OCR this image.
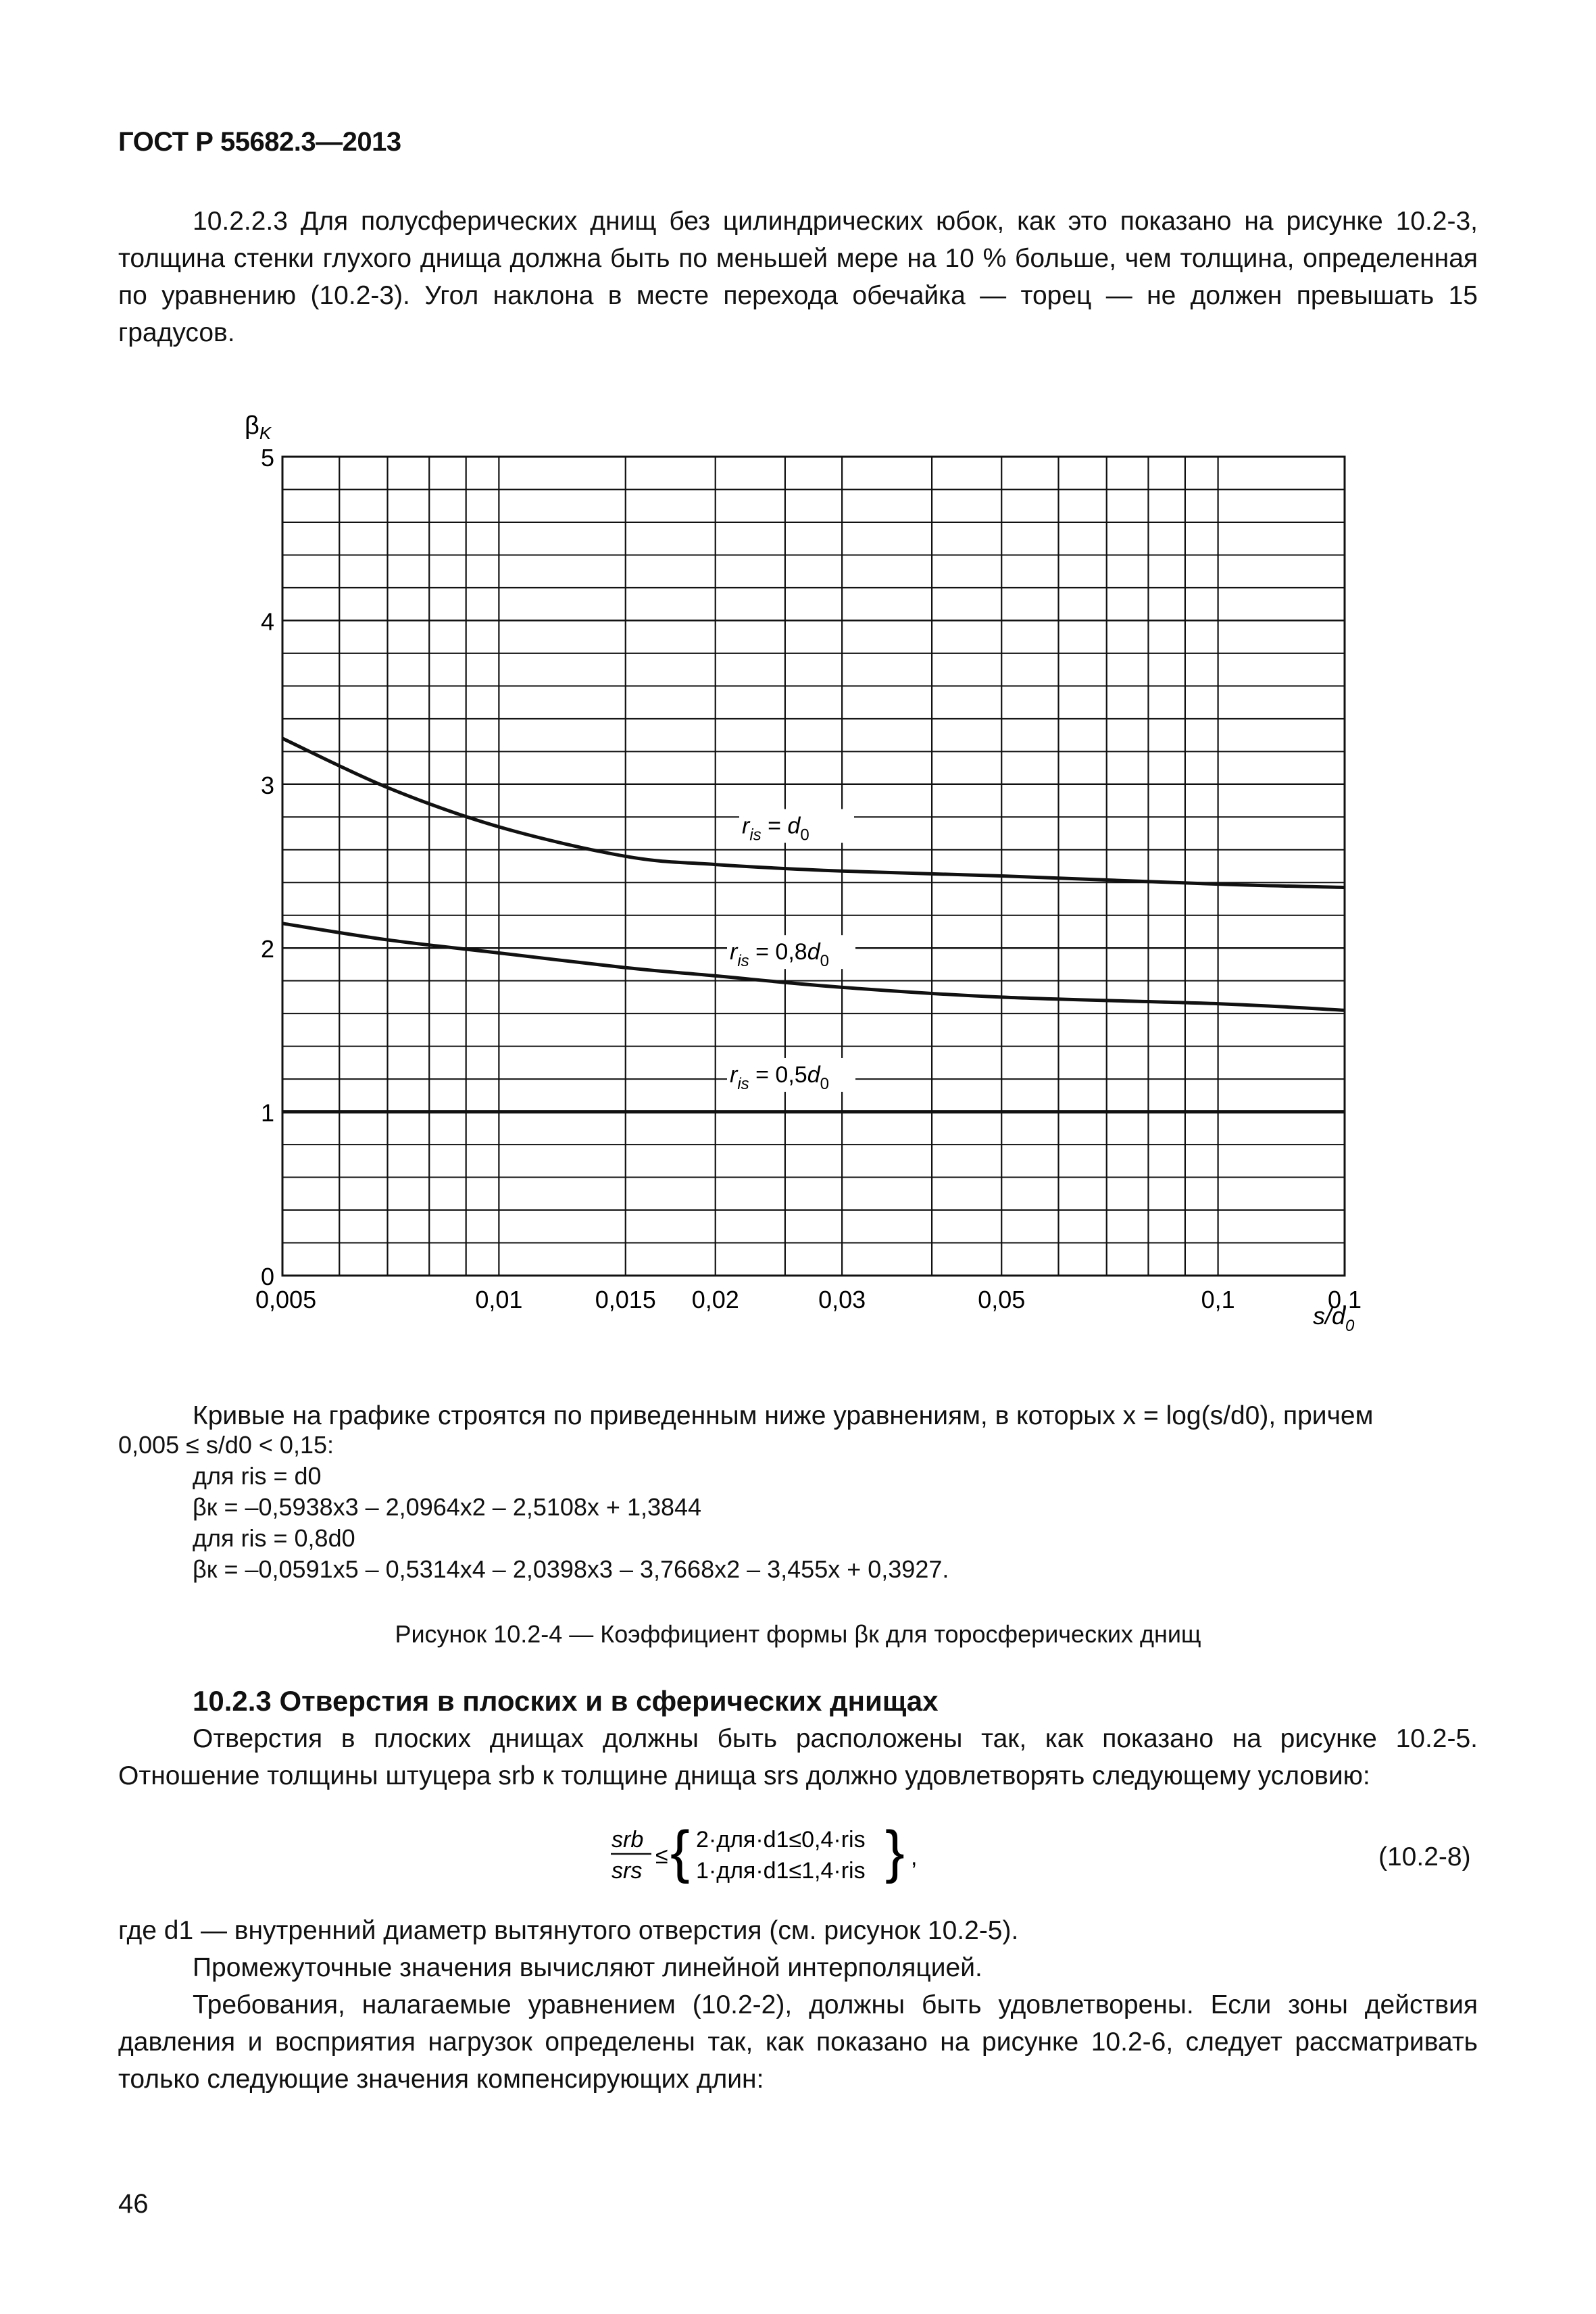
ГОСТ Р 55682.3—2013
10.2.2.3 Для полусферических днищ без цилиндрических юбок, как это показано на рисунке 10.2-3, толщина стенки глухого днища должна быть по меньшей мере на 10 % больше, чем толщина, определенная по уравнению (10.2-3). Угол наклона в месте перехода обечайка — торец — не должен превышать 15 градусов.
0
1
2
3
4
5
0,005	0,01	0,015 0,02	0,03	0,05	0,1	0,1
$r_{is} = d_0$
$r_{is} = 0,8d_0$
$r_{is} = 0,5d_0$
$\beta_K$
$s/d_0$
Кривые на графике строятся по приведенным ниже уравнениям, в которых x = log(s/d0), причем
0,005 ≤ s/d0 < 0,15:
для ris = d0
βк = –0,5938x3 – 2,0964x2 – 2,5108x + 1,3844
для ris = 0,8d0
βк = –0,0591x5 – 0,5314x4 – 2,0398x3 – 3,7668x2 – 3,455x + 0,3927.
Рисунок 10.2-4 — Коэффициент формы βк для торосферических днищ
10.2.3 Отверстия в плоских и в сферических днищах
Отверстия в плоских днищах должны быть расположены так, как показано на рисунке 10.2-5. Отношение толщины штуцера srb к толщине днища srs должно удовлетворять следующему условию:
srb
srs
≤ { 2·для·d1≤0,4·ris
1·для·d1≤1,4·ris } ,	(10.2-8)
где d1 — внутренний диаметр вытянутого отверстия (см. рисунок 10.2-5).
Промежуточные значения вычисляют линейной интерполяцией.
Требования, налагаемые уравнением (10.2-2), должны быть удовлетворены. Если зоны действия давления и восприятия нагрузок определены так, как показано на рисунке 10.2-6, следует рассматривать только следующие значения компенсирующих длин:
46
